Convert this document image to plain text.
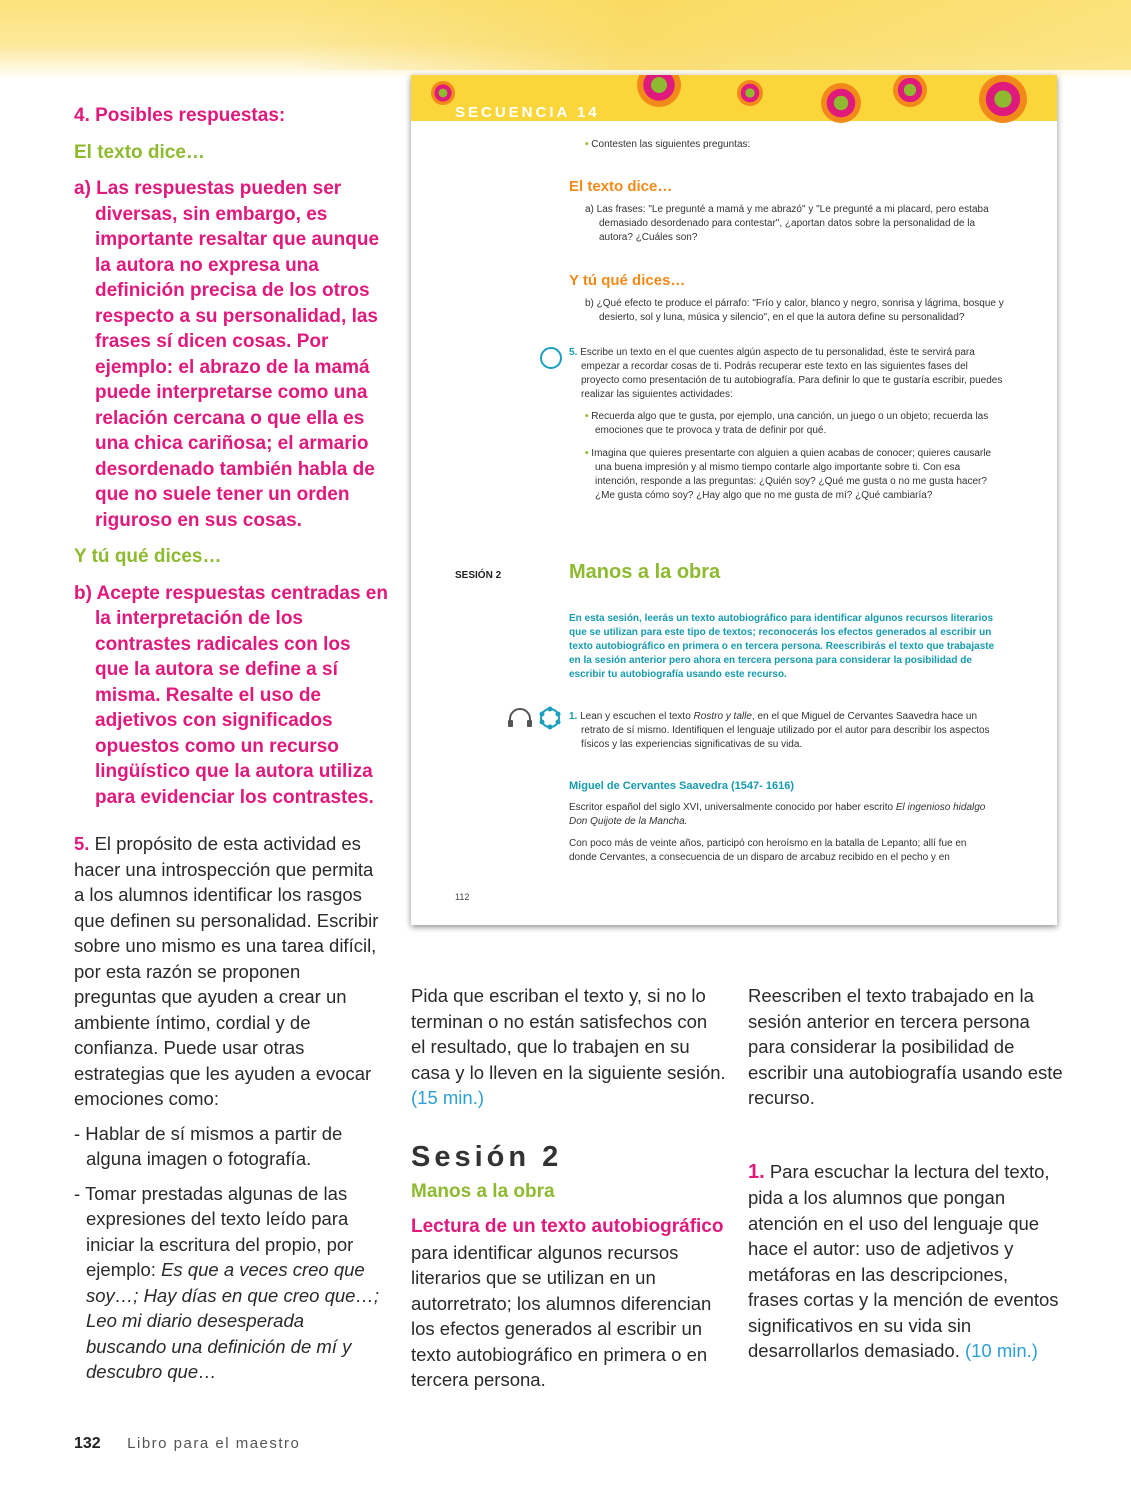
4. Posibles respuestas:

El texto dice…

a) Las respuestas pueden ser diversas, sin embargo, es importante resaltar que aunque la autora no expresa una definición precisa de los otros respecto a su personalidad, las frases sí dicen cosas. Por ejemplo: el abrazo de la mamá puede interpretarse como una relación cercana o que ella es una chica cariñosa; el armario desordenado también habla de que no suele tener un orden riguroso en sus cosas.

Y tú qué dices…

b) Acepte respuestas centradas en la interpretación de los contrastes radicales con los que la autora se define a sí misma. Resalte el uso de adjetivos con significados opuestos como un recurso lingüístico que la autora utiliza para evidenciar los contrastes.

5. El propósito de esta actividad es hacer una introspección que permita a los alumnos identificar los rasgos que definen su personalidad. Escribir sobre uno mismo es una tarea difícil, por esta razón se proponen preguntas que ayuden a crear un ambiente íntimo, cordial y de confianza. Puede usar otras estrategias que les ayuden a evocar emociones como:

- Hablar de sí mismos a partir de alguna imagen o fotografía.

- Tomar prestadas algunas de las expresiones del texto leído para iniciar la escritura del propio, por ejemplo: Es que a veces creo que soy…; Hay días en que creo que…; Leo mi diario desesperada buscando una definición de mí y descubro que…

SECUENCIA 14
• Contesten las siguientes preguntas:
El texto dice…
a) Las frases: "Le pregunté a mamá y me abrazó" y "Le pregunté a mi placard, pero estaba demasiado desordenado para contestar", ¿aportan datos sobre la personalidad de la autora? ¿Cuáles son?
Y tú qué dices…
b) ¿Qué efecto te produce el párrafo: "Frío y calor, blanco y negro, sonrisa y lágrima, bosque y desierto, sol y luna, música y silencio", en el que la autora define su personalidad?
5. Escribe un texto en el que cuentes algún aspecto de tu personalidad, éste te servirá para empezar a recordar cosas de ti. Podrás recuperar este texto en las siguientes fases del proyecto como presentación de tu autobiografía. Para definir lo que te gustaría escribir, puedes realizar las siguientes actividades:
• Recuerda algo que te gusta, por ejemplo, una canción, un juego o un objeto; recuerda las emociones que te provoca y trata de definir por qué.
• Imagina que quieres presentarte con alguien a quien acabas de conocer; quieres causarle una buena impresión y al mismo tiempo contarle algo importante sobre ti. Con esa intención, responde a las preguntas: ¿Quién soy? ¿Qué me gusta o no me gusta hacer? ¿Me gusta cómo soy? ¿Hay algo que no me gusta de mí? ¿Qué cambiaría?
SESIÓN 2	Manos a la obra
En esta sesión, leerás un texto autobiográfico para identificar algunos recursos literarios que se utilizan para este tipo de textos; reconocerás los efectos generados al escribir un texto autobiográfico en primera o en tercera persona. Reescribirás el texto que trabajaste en la sesión anterior pero ahora en tercera persona para considerar la posibilidad de escribir tu autobiografía usando este recurso.
1. Lean y escuchen el texto Rostro y talle, en el que Miguel de Cervantes Saavedra hace un retrato de sí mismo. Identifiquen el lenguaje utilizado por el autor para describir los aspectos físicos y las experiencias significativas de su vida.
Miguel de Cervantes Saavedra (1547- 1616)
Escritor español del siglo XVI, universalmente conocido por haber escrito El ingenioso hidalgo Don Quijote de la Mancha.
Con poco más de veinte años, participó con heroísmo en la batalla de Lepanto; allí fue en donde Cervantes, a consecuencia de un disparo de arcabuz recibido en el pecho y en
112

Pida que escriban el texto y, si no lo terminan o no están satisfechos con el resultado, que lo trabajen en su casa y lo lleven en la siguiente sesión.

(15 min.)

Sesión 2

Manos a la obra

Lectura de un texto autobiográfico

para identificar algunos recursos literarios que se utilizan en un autorretrato; los alumnos diferencian los efectos generados al escribir un texto autobiográfico en primera o en tercera persona.

Reescriben el texto trabajado en la sesión anterior en tercera persona para considerar la posibilidad de escribir una autobiografía usando este recurso.

1. Para escuchar la lectura del texto, pida a los alumnos que pongan atención en el uso del lenguaje que hace el autor: uso de adjetivos y metáforas en las descripciones, frases cortas y la mención de eventos significativos en su vida sin desarrollarlos demasiado. (10 min.)

132 Libro para el maestro
